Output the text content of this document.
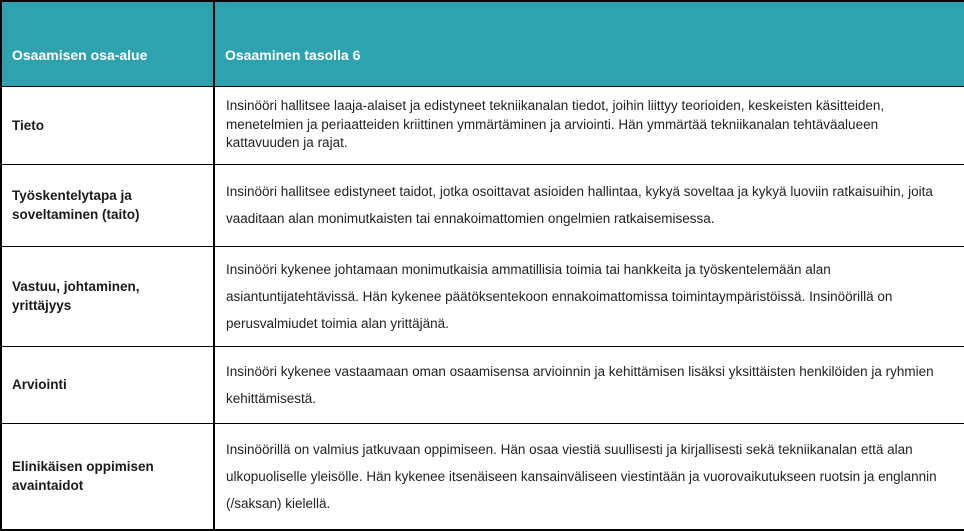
Osaamisen osa-alue	Osaaminen tasolla 6
Tieto	Insinööri hallitsee laaja-alaiset ja edistyneet tekniikanalan tiedot, joihin liittyy teorioiden, keskeisten käsitteiden, menetelmien ja periaatteiden kriittinen ymmärtäminen ja arviointi. Hän ymmärtää tekniikanalan tehtäväalueen kattavuuden ja rajat.
Työskentelytapa ja soveltaminen (taito)	Insinööri hallitsee edistyneet taidot, jotka osoittavat asioiden hallintaa, kykyä soveltaa ja kykyä luoviin ratkaisuihin, joita vaaditaan alan monimutkaisten tai ennakoimattomien ongelmien ratkaisemisessa.
Vastuu, johtaminen, yrittäjyys	Insinööri kykenee johtamaan monimutkaisia ammatillisia toimia tai hankkeita ja työskentelemään alan asiantuntijatehtävissä. Hän kykenee päätöksentekoon ennakoimattomissa toimintaympäristöissä. Insinöörillä on perusvalmiudet toimia alan yrittäjänä.
Arviointi	Insinööri kykenee vastaamaan oman osaamisensa arvioinnin ja kehittämisen lisäksi yksittäisten henkilöiden ja ryhmien kehittämisestä.
Elinikäisen oppimisen avaintaidot	Insinöörillä on valmius jatkuvaan oppimiseen. Hän osaa viestiä suullisesti ja kirjallisesti sekä tekniikanalan että alan ulkopuoliselle yleisölle. Hän kykenee itsenäiseen kansainväliseen viestintään ja vuorovaikutukseen ruotsin ja englannin (/saksan) kielellä.
